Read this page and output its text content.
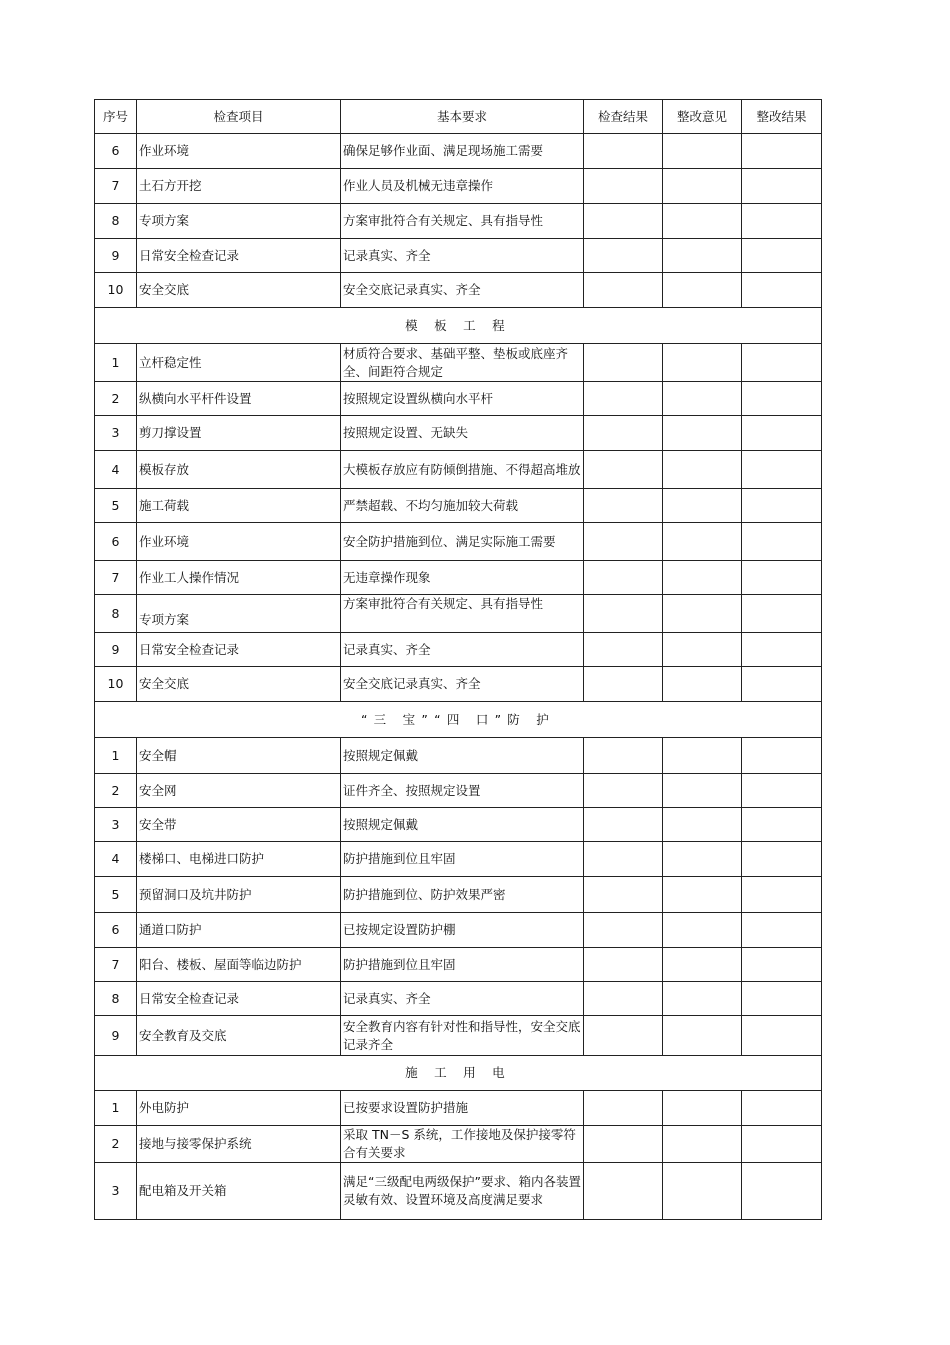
序号	检查项目	基本要求	检查结果	整改意见	整改结果
6	作业环境	确保足够作业面、满足现场施工需要			
7	土石方开挖	作业人员及机械无违章操作			
8	专项方案	方案审批符合有关规定、具有指导性			
9	日常安全检查记录	记录真实、齐全			
10	安全交底	安全交底记录真实、齐全			
模 板 工 程					
1	立杆稳定性	材质符合要求、基础平整、垫板或底座齐全、间距符合规定			
2	纵横向水平杆件设置	按照规定设置纵横向水平杆			
3	剪刀撑设置	按照规定设置、无缺失			
4	模板存放	大模板存放应有防倾倒措施、不得超高堆放			
5	施工荷载	严禁超载、不均匀施加较大荷载			
6	作业环境	安全防护措施到位、满足实际施工需要			
7	作业工人操作情况	无违章操作现象			
8	专项方案	方案审批符合有关规定、具有指导性			
9	日常安全检查记录	记录真实、齐全			
10	安全交底	安全交底记录真实、齐全			
“三 宝”“四 口”防 护					
1	安全帽	按照规定佩戴			
2	安全网	证件齐全、按照规定设置			
3	安全带	按照规定佩戴			
4	楼梯口、电梯进口防护	防护措施到位且牢固			
5	预留洞口及坑井防护	防护措施到位、防护效果严密			
6	通道口防护	已按规定设置防护棚			
7	阳台、楼板、屋面等临边防护	防护措施到位且牢固			
8	日常安全检查记录	记录真实、齐全			
9	安全教育及交底	安全教育内容有针对性和指导性，安全交底记录齐全			
施 工 用 电					
1	外电防护	已按要求设置防护措施			
2	接地与接零保护系统	采取 TN－S 系统，工作接地及保护接零符合有关要求			
3	配电箱及开关箱	满足“三级配电两级保护”要求、箱内各装置灵敏有效、设置环境及高度满足要求			
